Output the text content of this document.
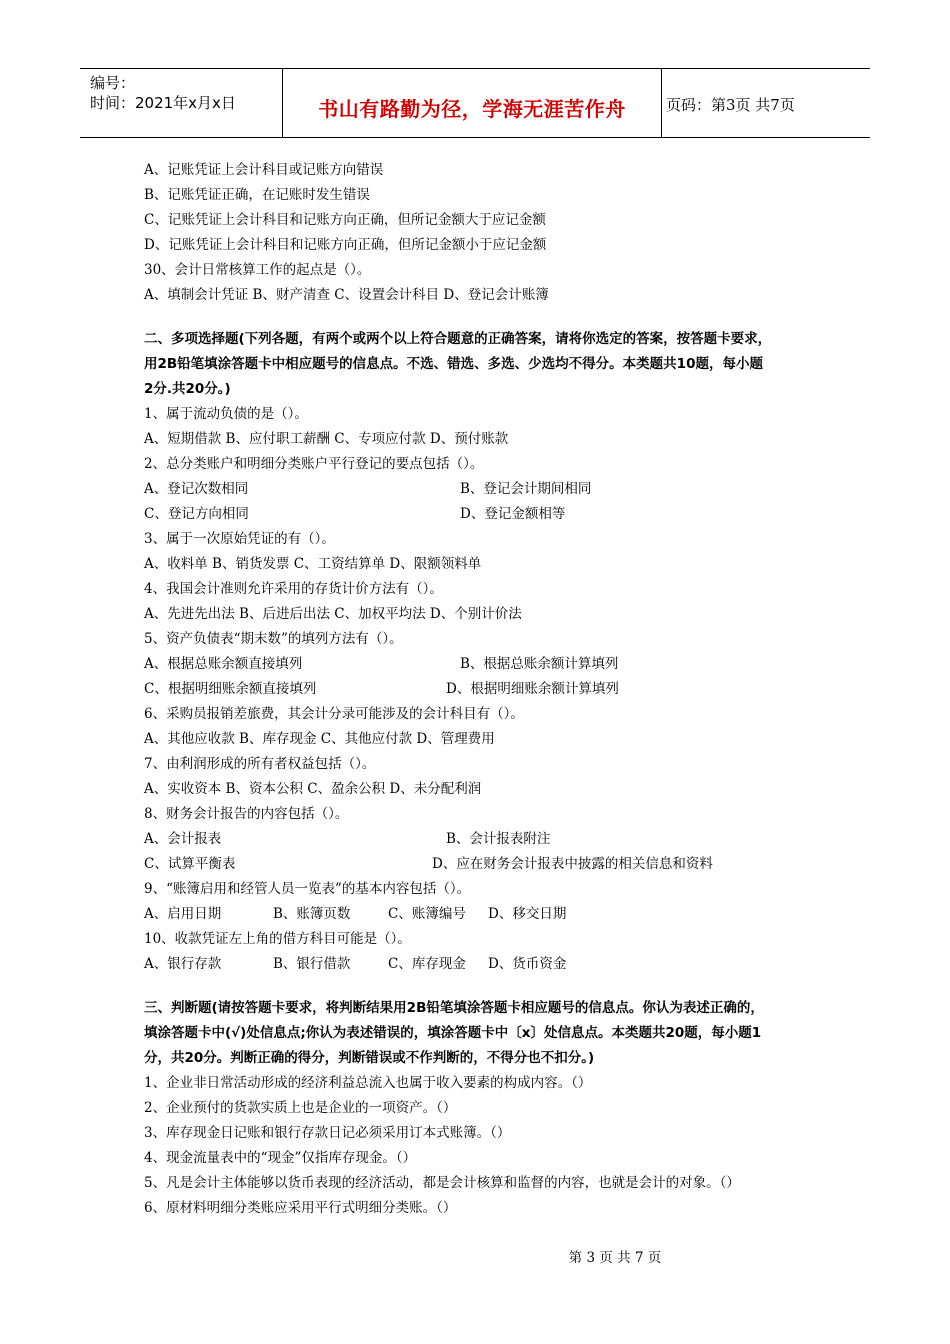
编号：
时间：2021年x月x日	书山有路勤为径，学海无涯苦作舟	页码：第3页 共7页
A、记账凭证上会计科目或记账方向错误
B、记账凭证正确，在记账时发生错误
C、记账凭证上会计科目和记账方向正确，但所记金额大于应记金额
D、记账凭证上会计科目和记账方向正确，但所记金额小于应记金额
30、会计日常核算工作的起点是（）。
A、填制会计凭证 B、财产清查 C、设置会计科目 D、登记会计账簿
二、多项选择题(下列各题，有两个或两个以上符合题意的正确答案，请将你选定的答案，按答题卡要求，
用2B铅笔填涂答题卡中相应题号的信息点。不选、错选、多选、少选均不得分。本类题共10题，每小题
2分.共20分。)
1、属于流动负债的是（）。
A、短期借款 B、应付职工薪酬 C、专项应付款 D、预付账款
2、总分类账户和明细分类账户平行登记的要点包括（）。
A、登记次数相同	B、登记会计期间相同
C、登记方向相同	D、登记金额相等
3、属于一次原始凭证的有（）。
A、收料单 B、销货发票 C、工资结算单 D、限额领料单
4、我国会计准则允许采用的存货计价方法有（）。
A、先进先出法 B、后进后出法 C、加权平均法 D、个别计价法
5、资产负债表“期末数”的填列方法有（）。
A、根据总账余额直接填列	B、根据总账余额计算填列
C、根据明细账余额直接填列	D、根据明细账余额计算填列
6、采购员报销差旅费，其会计分录可能涉及的会计科目有（）。
A、其他应收款 B、库存现金 C、其他应付款 D、管理费用
7、由利润形成的所有者权益包括（）。
A、实收资本 B、资本公积 C、盈余公积 D、未分配利润
8、财务会计报告的内容包括（）。
A、会计报表	B、会计报表附注
C、试算平衡表	D、应在财务会计报表中披露的相关信息和资料
9、“账簿启用和经管人员一览表”的基本内容包括（）。
A、启用日期	B、账簿页数	C、账簿编号 D、移交日期
10、收款凭证左上角的借方科目可能是（）。
A、银行存款	B、银行借款	C、库存现金 D、货币资金
三、判断题(请按答题卡要求，将判断结果用2B铅笔填涂答题卡相应题号的信息点。你认为表述正确的，
填涂答题卡中(√)处信息点;你认为表述错误的，填涂答题卡中〔x〕处信息点。本类题共20题，每小题1
分，共20分。判断正确的得分，判断错误或不作判断的，不得分也不扣分。)
1、企业非日常活动形成的经济利益总流入也属于收入要素的构成内容。（）
2、企业预付的货款实质上也是企业的一项资产。（）
3、库存现金日记账和银行存款日记必须采用订本式账簿。（）
4、现金流量表中的“现金”仅指库存现金。（）
5、凡是会计主体能够以货币表现的经济活动，都是会计核算和监督的内容，也就是会计的对象。（）
6、原材料明细分类账应采用平行式明细分类账。（）
第 3 页 共 7 页
